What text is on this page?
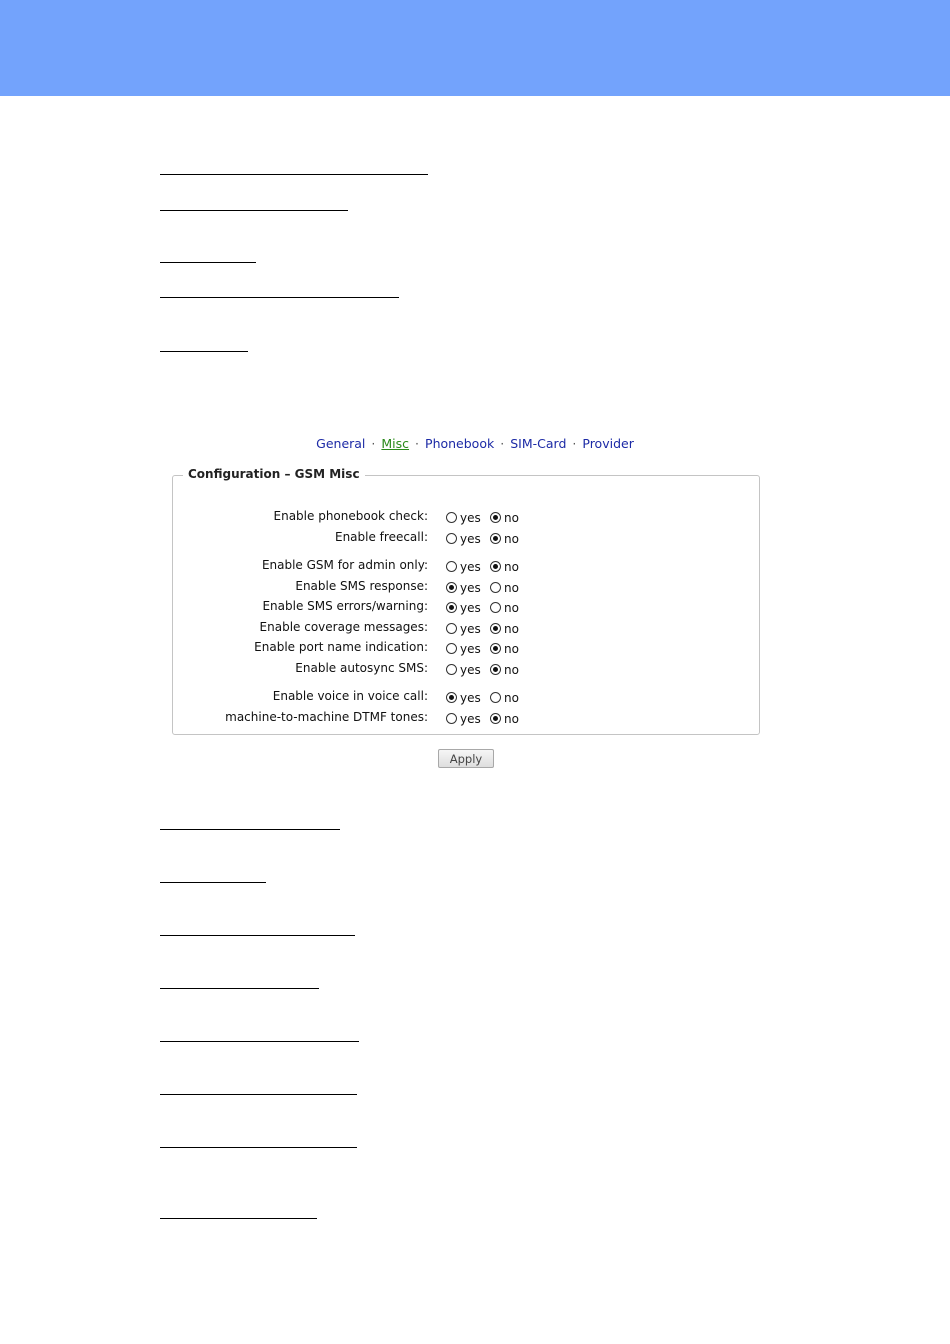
General · Misc · Phonebook · SIM-Card · Provider
Configuration – GSM Misc
Enable phonebook check:	yes	no
Enable freecall:	yes	no
Enable GSM for admin only:	yes	no
Enable SMS response:	yes	no
Enable SMS errors/warning:	yes	no
Enable coverage messages:	yes	no
Enable port name indication:	yes	no
Enable autosync SMS:	yes	no
Enable voice in voice call:	yes	no
machine-to-machine DTMF tones:	yes	no
Apply
